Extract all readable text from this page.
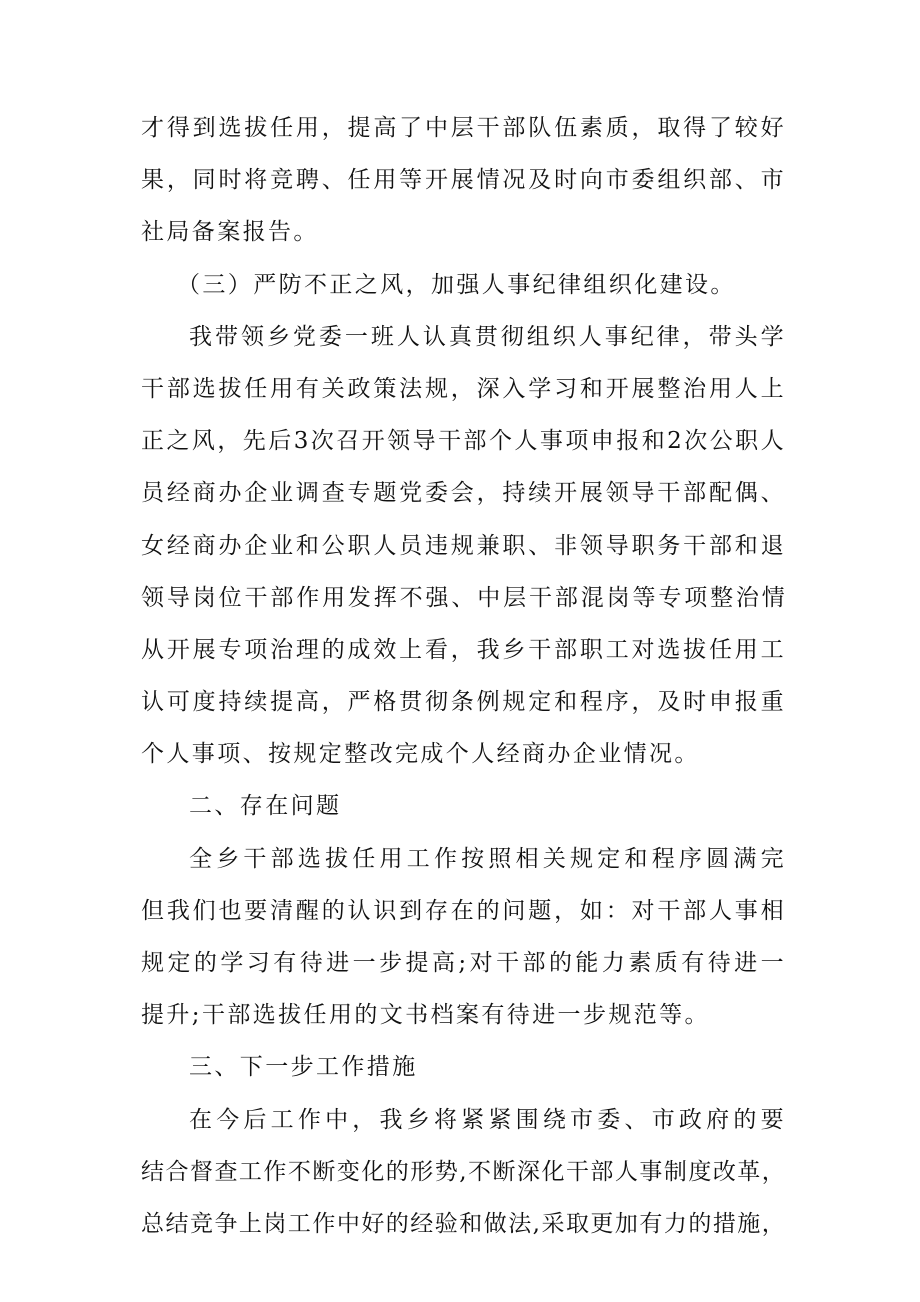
才得到选拔任用，提高了中层干部队伍素质，取得了较好
果，同时将竞聘、任用等开展情况及时向市委组织部、市
社局备案报告。
（三）严防不正之风，加强人事纪律组织化建设。
我带领乡党委一班人认真贯彻组织人事纪律，带头学
干部选拔任用有关政策法规，深入学习和开展整治用人上
正之风，先后3次召开领导干部个人事项申报和2次公职人
员经商办企业调查专题党委会，持续开展领导干部配偶、
女经商办企业和公职人员违规兼职、非领导职务干部和退
领导岗位干部作用发挥不强、中层干部混岗等专项整治情
从开展专项治理的成效上看，我乡干部职工对选拔任用工
认可度持续提高，严格贯彻条例规定和程序，及时申报重
个人事项、按规定整改完成个人经商办企业情况。
二、存在问题
全乡干部选拔任用工作按照相关规定和程序圆满完
但我们也要清醒的认识到存在的问题，如：对干部人事相
规定的学习有待进一步提高;对干部的能力素质有待进一
提升;干部选拔任用的文书档案有待进一步规范等。
三、下一步工作措施
在今后工作中，我乡将紧紧围绕市委、市政府的要
结合督查工作不断变化的形势,不断深化干部人事制度改革，
总结竞争上岗工作中好的经验和做法,采取更加有力的措施，
